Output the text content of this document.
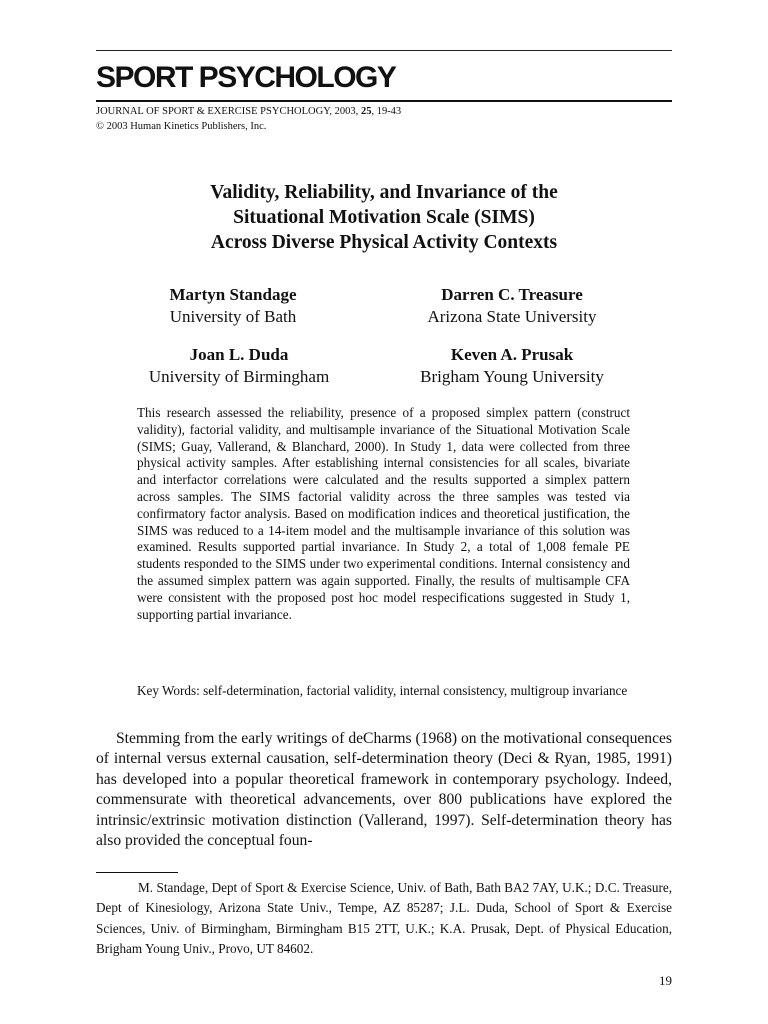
SPORT PSYCHOLOGY
JOURNAL OF SPORT & EXERCISE PSYCHOLOGY, 2003, 25, 19-43
© 2003 Human Kinetics Publishers, Inc.
Validity, Reliability, and Invariance of the
Situational Motivation Scale (SIMS)
Across Diverse Physical Activity Contexts
Martyn Standage
University of Bath
Darren C. Treasure
Arizona State University
Joan L. Duda
University of Birmingham
Keven A. Prusak
Brigham Young University

This research assessed the reliability, presence of a proposed simplex pattern (construct validity), factorial validity, and multisample invariance of the Situational Motivation Scale (SIMS; Guay, Vallerand, & Blanchard, 2000). In Study 1, data were collected from three physical activity samples. After establishing internal consistencies for all scales, bivariate and interfactor correlations were calculated and the results supported a simplex pattern across samples. The SIMS factorial validity across the three samples was tested via confirmatory factor analysis. Based on modification indices and theoretical justification, the SIMS was reduced to a 14-item model and the multisample invariance of this solution was examined. Results supported partial invariance. In Study 2, a total of 1,008 female PE students responded to the SIMS under two experimental conditions. Internal consistency and the assumed simplex pattern was again supported. Finally, the results of multisample CFA were consistent with the proposed post hoc model respecifications suggested in Study 1, supporting partial invariance.

Key Words: self-determination, factorial validity, internal consistency, multigroup invariance

Stemming from the early writings of deCharms (1968) on the motivational consequences of internal versus external causation, self-determination theory (Deci & Ryan, 1985, 1991) has developed into a popular theoretical framework in contemporary psychology. Indeed, commensurate with theoretical advancements, over 800 publications have explored the intrinsic/extrinsic motivation distinction (Vallerand, 1997). Self-determination theory has also provided the conceptual foun-

M. Standage, Dept of Sport & Exercise Science, Univ. of Bath, Bath BA2 7AY, U.K.; D.C. Treasure, Dept of Kinesiology, Arizona State Univ., Tempe, AZ 85287; J.L. Duda, School of Sport & Exercise Sciences, Univ. of Birmingham, Birmingham B15 2TT, U.K.; K.A. Prusak, Dept. of Physical Education, Brigham Young Univ., Provo, UT 84602.

19
